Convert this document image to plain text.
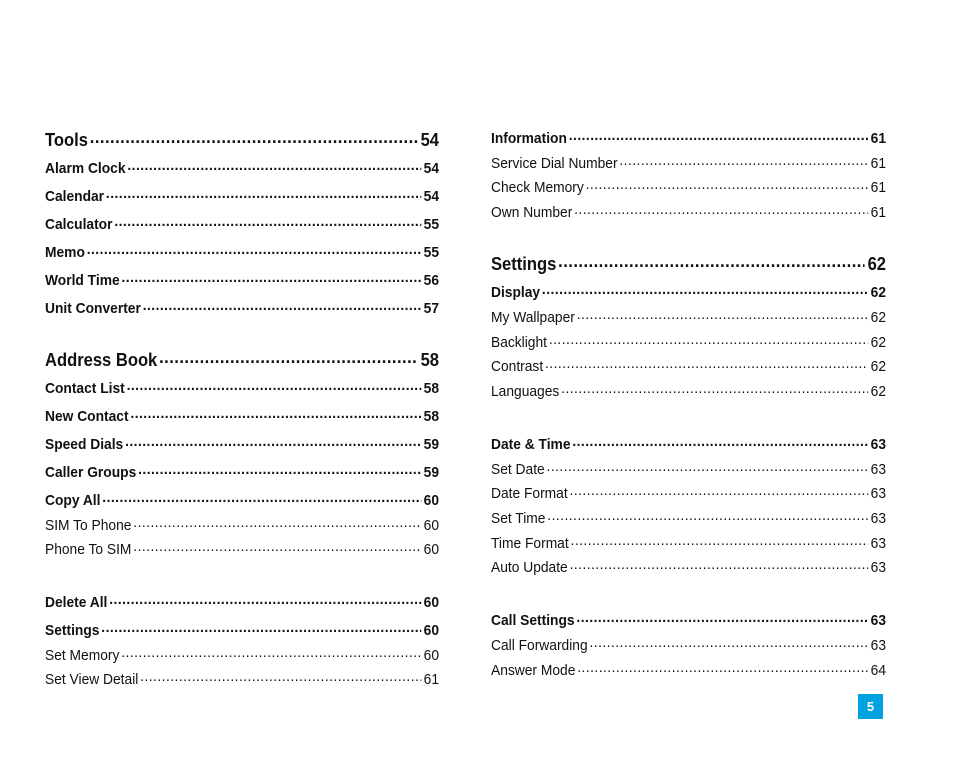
Tools .....	54
Alarm Clock .....	54
Calendar .....	54
Calculator .....	55
Memo .....	55
World Time .....	56
Unit Converter .....	57
Address Book .....	58
Contact List .....	58
New Contact .....	58
Speed Dials .....	59
Caller Groups .....	59
Copy All .....	60
SIM To Phone .....	60
Phone To SIM .....	60
Delete All .....	60
Settings .....	60
Set Memory .....	60
Set View Detail .....	61
Information .....	61
Service Dial Number .....	61
Check Memory .....	61
Own Number .....	61
Settings .....	62
Display .....	62
My Wallpaper .....	62
Backlight .....	62
Contrast .....	62
Languages .....	62
Date & Time .....	63
Set Date .....	63
Date Format .....	63
Set Time .....	63
Time Format .....	63
Auto Update .....	63
Call Settings .....	63
Call Forwarding .....	63
Answer Mode .....	64
5
